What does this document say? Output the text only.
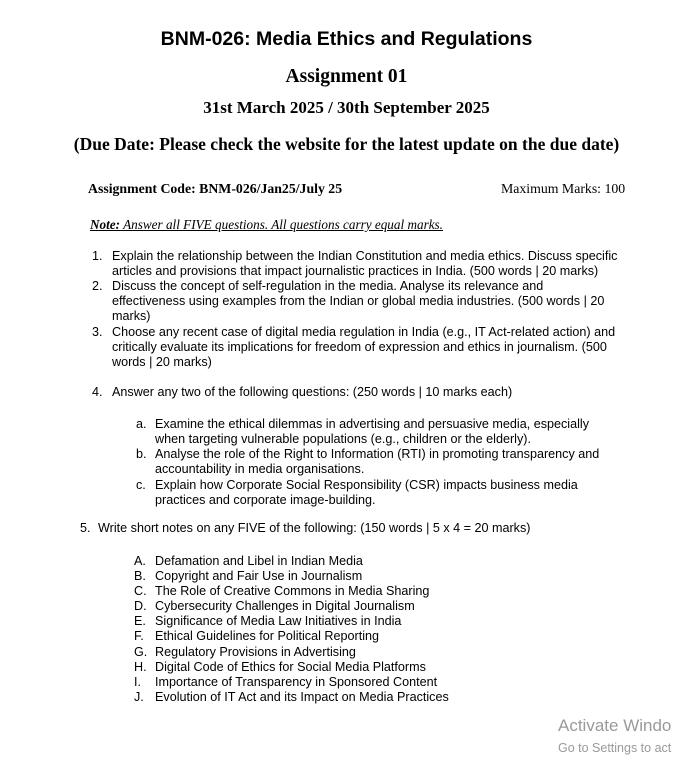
BNM-026: Media Ethics and Regulations
Assignment 01
31st March 2025 / 30th September 2025
(Due Date: Please check the website for the latest update on the due date)
Assignment Code: BNM-026/Jan25/July 25	Maximum Marks: 100
Note: Answer all FIVE questions. All questions carry equal marks.
1. Explain the relationship between the Indian Constitution and media ethics. Discuss specific
articles and provisions that impact journalistic practices in India. (500 words | 20 marks)
2. Discuss the concept of self-regulation in the media. Analyse its relevance and
effectiveness using examples from the Indian or global media industries. (500 words | 20
marks)
3. Choose any recent case of digital media regulation in India (e.g., IT Act-related action) and
critically evaluate its implications for freedom of expression and ethics in journalism. (500
words | 20 marks)
4. Answer any two of the following questions: (250 words | 10 marks each)
a. Examine the ethical dilemmas in advertising and persuasive media, especially
when targeting vulnerable populations (e.g., children or the elderly).
b. Analyse the role of the Right to Information (RTI) in promoting transparency and
accountability in media organisations.
c. Explain how Corporate Social Responsibility (CSR) impacts business media
practices and corporate image-building.
5. Write short notes on any FIVE of the following: (150 words | 5 x 4 = 20 marks)
A.
B.
C.
D.
E.
F.
G.
H.
I.
J.
Defamation and Libel in Indian Media
Copyright and Fair Use in Journalism
The Role of Creative Commons in Media Sharing
Cybersecurity Challenges in Digital Journalism
Significance of Media Law Initiatives in India
Ethical Guidelines for Political Reporting
Regulatory Provisions in Advertising
Digital Code of Ethics for Social Media Platforms
Importance of Transparency in Sponsored Content
Evolution of IT Act and its Impact on Media Practices
Activate Windo
Go to Settings to act
